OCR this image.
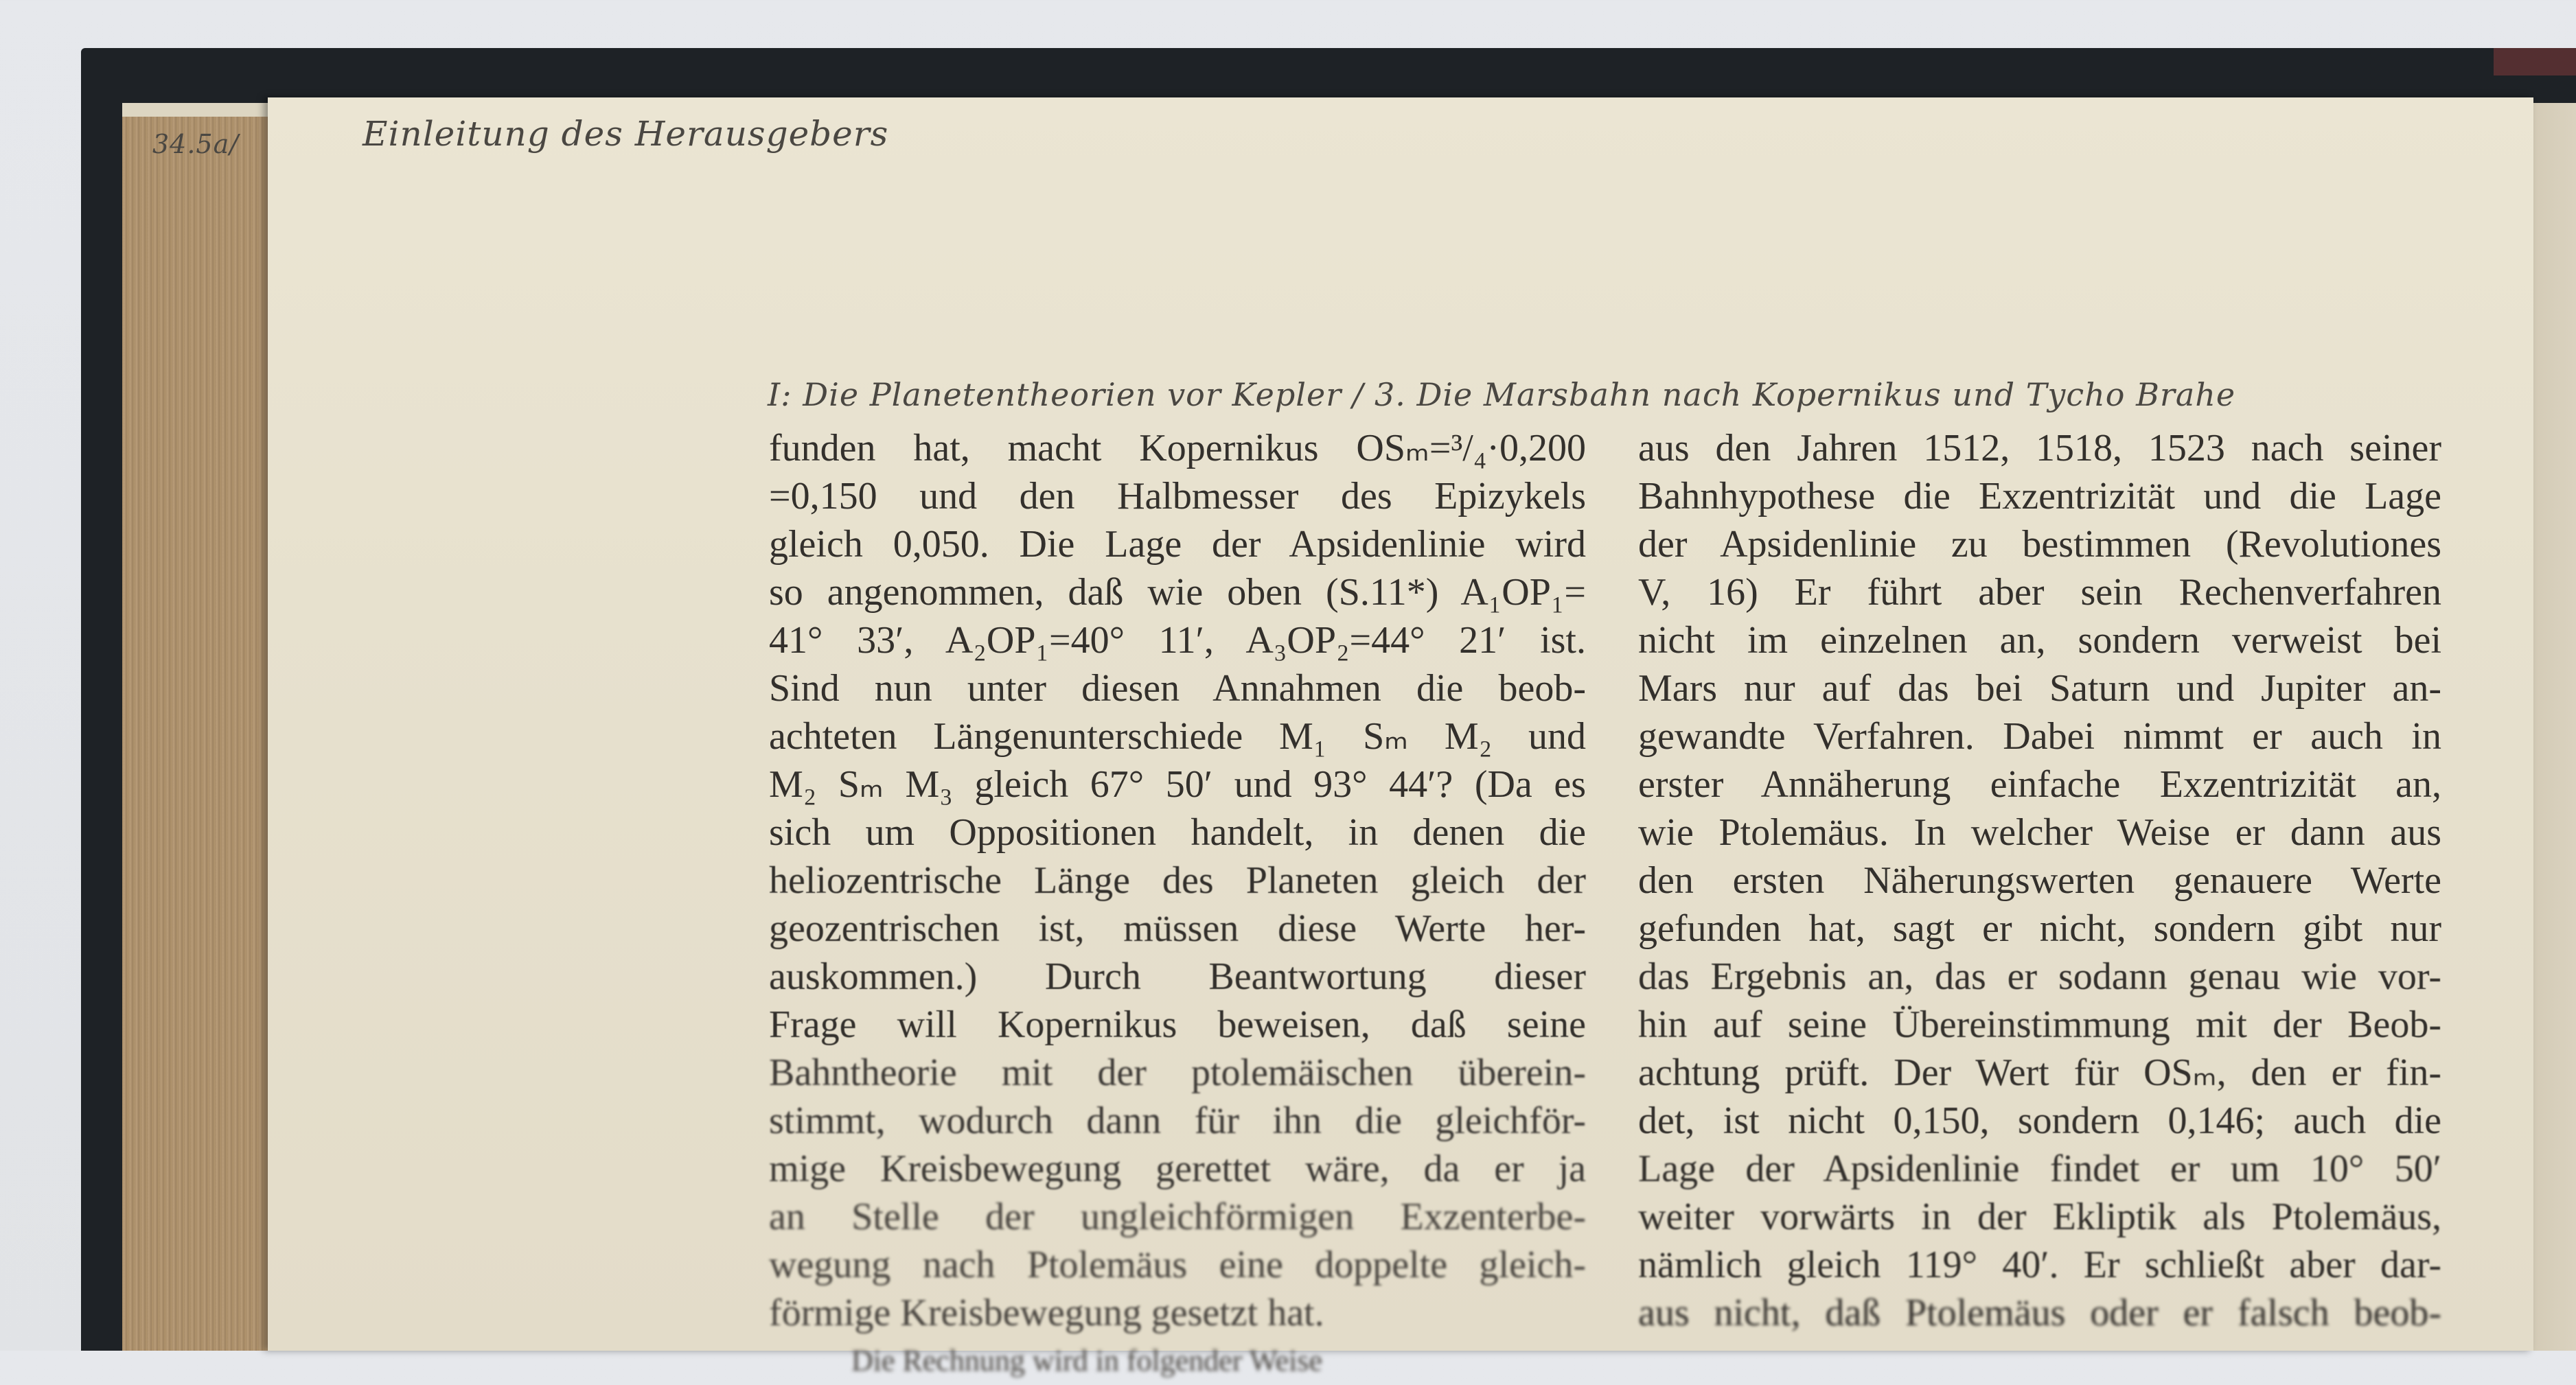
34.5a/	Einleitung des Herausgebers
I: Die Planetentheorien vor Kepler / 3. Die Marsbahn nach Kopernikus und Tycho Brahe
funden hat, macht Kopernikus OSₘ=³/₄·0,200
=0,150 und den Halbmesser des Epizykels
gleich 0,050. Die Lage der Apsidenlinie wird
so angenommen, daß wie oben (S.11*) A₁OP₁=
41° 33′, A₂OP₁=40° 11′, A₃OP₂=44° 21′ ist.
Sind nun unter diesen Annahmen die beob-
achteten Längenunterschiede M₁ Sₘ M₂ und
M₂ Sₘ M₃ gleich 67° 50′ und 93° 44′? (Da es
sich um Oppositionen handelt, in denen die
heliozentrische Länge des Planeten gleich der
geozentrischen ist, müssen diese Werte her-
auskommen.) Durch Beantwortung dieser
Frage will Kopernikus beweisen, daß seine
Bahntheorie mit der ptolemäischen überein-
stimmt, wodurch dann für ihn die gleichför-
mige Kreisbewegung gerettet wäre, da er ja
an Stelle der ungleichförmigen Exzenterbe-
wegung nach Ptolemäus eine doppelte gleich-
förmige Kreisbewegung gesetzt hat.
Die Rechnung wird in folgender Weise
aus den Jahren 1512, 1518, 1523 nach seiner
Bahnhypothese die Exzentrizität und die Lage
der Apsidenlinie zu bestimmen (Revolutiones
V, 16) Er führt aber sein Rechenverfahren
nicht im einzelnen an, sondern verweist bei
Mars nur auf das bei Saturn und Jupiter an-
gewandte Verfahren. Dabei nimmt er auch in
erster Annäherung einfache Exzentrizität an,
wie Ptolemäus. In welcher Weise er dann aus
den ersten Näherungswerten genauere Werte
gefunden hat, sagt er nicht, sondern gibt nur
das Ergebnis an, das er sodann genau wie vor-
hin auf seine Übereinstimmung mit der Beob-
achtung prüft. Der Wert für OSₘ, den er fin-
det, ist nicht 0,150, sondern 0,146; auch die
Lage der Apsidenlinie findet er um 10° 50′
weiter vorwärts in der Ekliptik als Ptolemäus,
nämlich gleich 119° 40′. Er schließt aber dar-
aus nicht, daß Ptolemäus oder er falsch beob-
